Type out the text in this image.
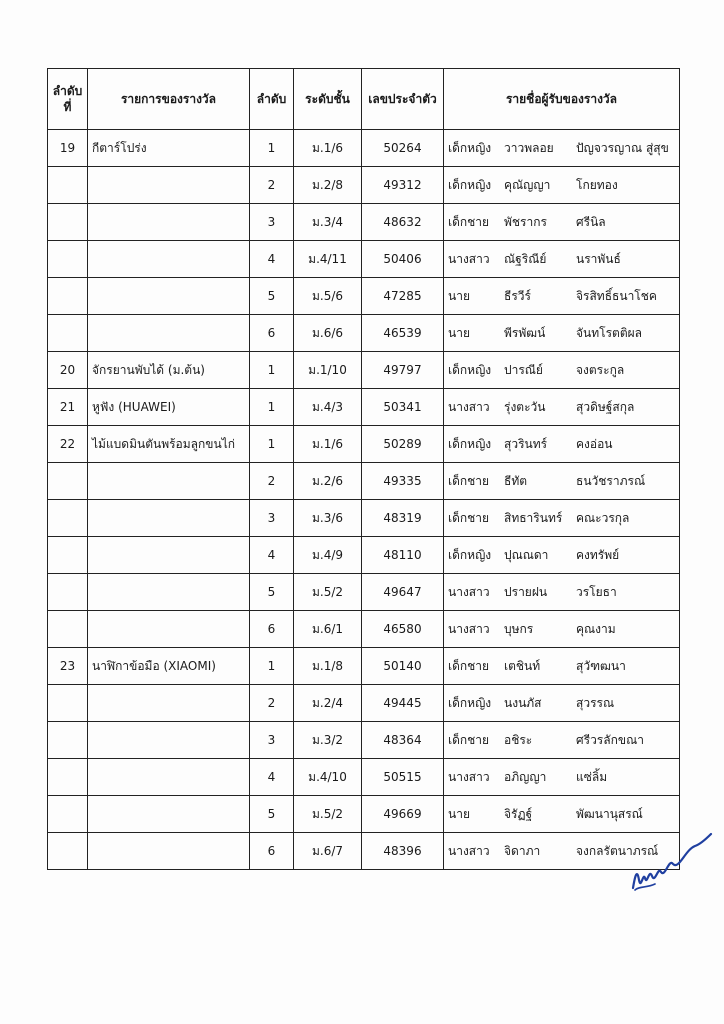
ลำดับ
ที่	รายการของรางวัล	ลำดับ	ระดับชั้น	เลขประจำตัว	รายชื่อผู้รับของรางวัล
19	กีตาร์โปร่ง	1	ม.1/6	50264	เด็กหญิง วาวพลอย ปัญจวรญาณ สู่สุข

		2	ม.2/8	49312	เด็กหญิง คุณัญญา โกยทอง

		3	ม.3/4	48632	เด็กชาย พัชรากร ศรีนิล

		4	ม.4/11	50406	นางสาว ณัฐริณีย์ นราพันธ์

		5	ม.5/6	47285	นาย ธีรวีร์ จิรสิทธิ์ธนาโชค

		6	ม.6/6	46539	นาย พีรพัฒน์ จันทโรตติผล

20	จักรยานพับได้ (ม.ต้น)	1	ม.1/10	49797	เด็กหญิง ปารณีย์ จงตระกูล

21	หูฟัง (HUAWEI)	1	ม.4/3	50341	นางสาว รุ่งตะวัน สุวดิษฐ์สกุล

22	ไม้แบดมินตันพร้อมลูกขนไก่	1	ม.1/6	50289	เด็กหญิง สุวรินทร์ คงอ่อน

		2	ม.2/6	49335	เด็กชาย ธีทัต ธนวัชราภรณ์

		3	ม.3/6	48319	เด็กชาย สิทธารินทร์ คณะวรกุล

		4	ม.4/9	48110	เด็กหญิง ปุณณดา คงทรัพย์

		5	ม.5/2	49647	นางสาว ปรายฝน วรโยธา

		6	ม.6/1	46580	นางสาว บุษกร คุณงาม

23	นาฬิกาข้อมือ (XIAOMI)	1	ม.1/8	50140	เด็กชาย เตชินท์ สุวัฑฒนา

		2	ม.2/4	49445	เด็กหญิง นงนภัส สุวรรณ

		3	ม.3/2	48364	เด็กชาย อชิระ ศรีวรลักขณา

		4	ม.4/10	50515	นางสาว อภิญญา แซ่ลิ้ม

		5	ม.5/2	49669	นาย จิรัฏฐ์ พัฒนานุสรณ์

		6	ม.6/7	48396	นางสาว จิดาภา จงกลรัตนาภรณ์
